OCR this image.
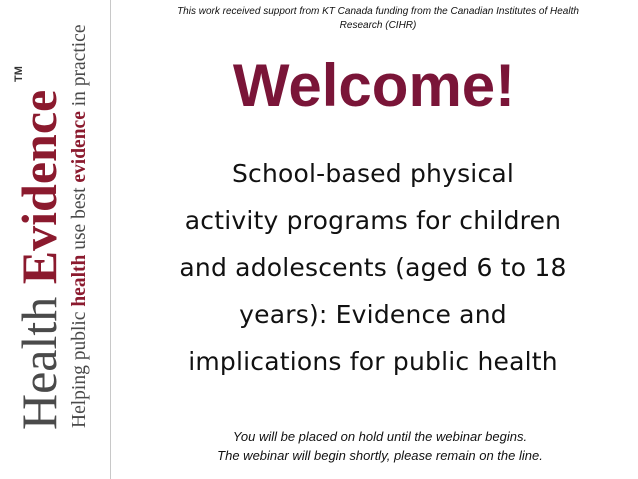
Health Evidence
TM
Helping public health use best evidence in practice
This work received support from KT Canada funding from the Canadian Institutes of Health
Research (CIHR)
Welcome!
School-based physical
activity programs for children
and adolescents (aged 6 to 18
years): Evidence and
implications for public health
You will be placed on hold until the webinar begins.
The webinar will begin shortly, please remain on the line.
